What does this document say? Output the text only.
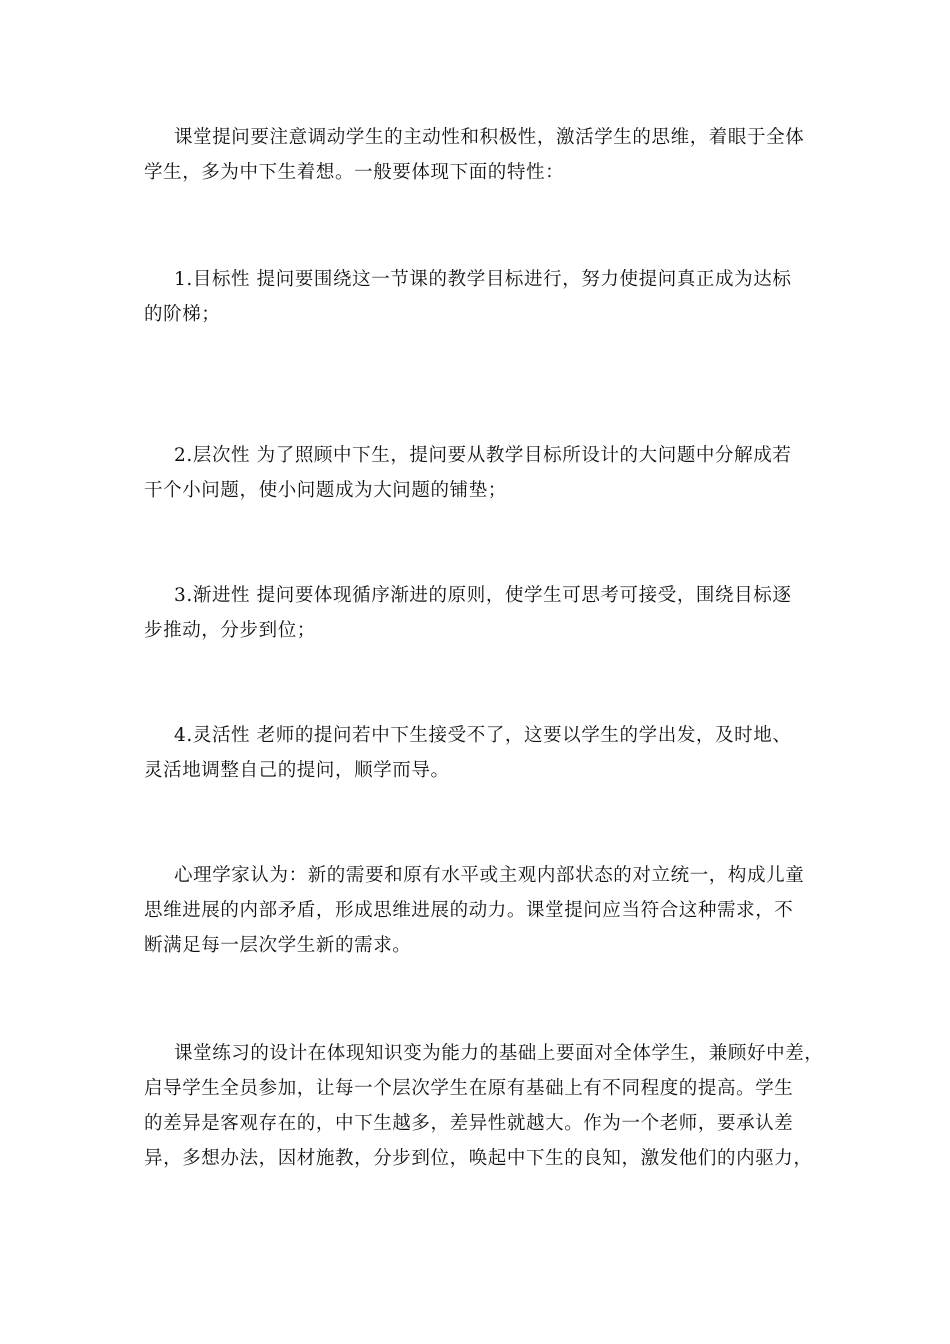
课堂提问要注意调动学生的主动性和积极性，激活学生的思维，着眼于全体
学生，多为中下生着想。一般要体现下面的特性：
1.目标性 提问要围绕这一节课的教学目标进行，努力使提问真正成为达标
的阶梯；
2.层次性 为了照顾中下生，提问要从教学目标所设计的大问题中分解成若
干个小问题，使小问题成为大问题的铺垫；
3.渐进性 提问要体现循序渐进的原则，使学生可思考可接受，围绕目标逐
步推动，分步到位；
4.灵活性 老师的提问若中下生接受不了，这要以学生的学出发，及时地、
灵活地调整自己的提问，顺学而导。
心理学家认为：新的需要和原有水平或主观内部状态的对立统一，构成儿童
思维进展的内部矛盾，形成思维进展的动力。课堂提问应当符合这种需求，不
断满足每一层次学生新的需求。
课堂练习的设计在体现知识变为能力的基础上要面对全体学生，兼顾好中差，
启导学生全员参加，让每一个层次学生在原有基础上有不同程度的提高。学生
的差异是客观存在的，中下生越多，差异性就越大。作为一个老师，要承认差
异，多想办法，因材施教，分步到位，唤起中下生的良知，激发他们的内驱力，
